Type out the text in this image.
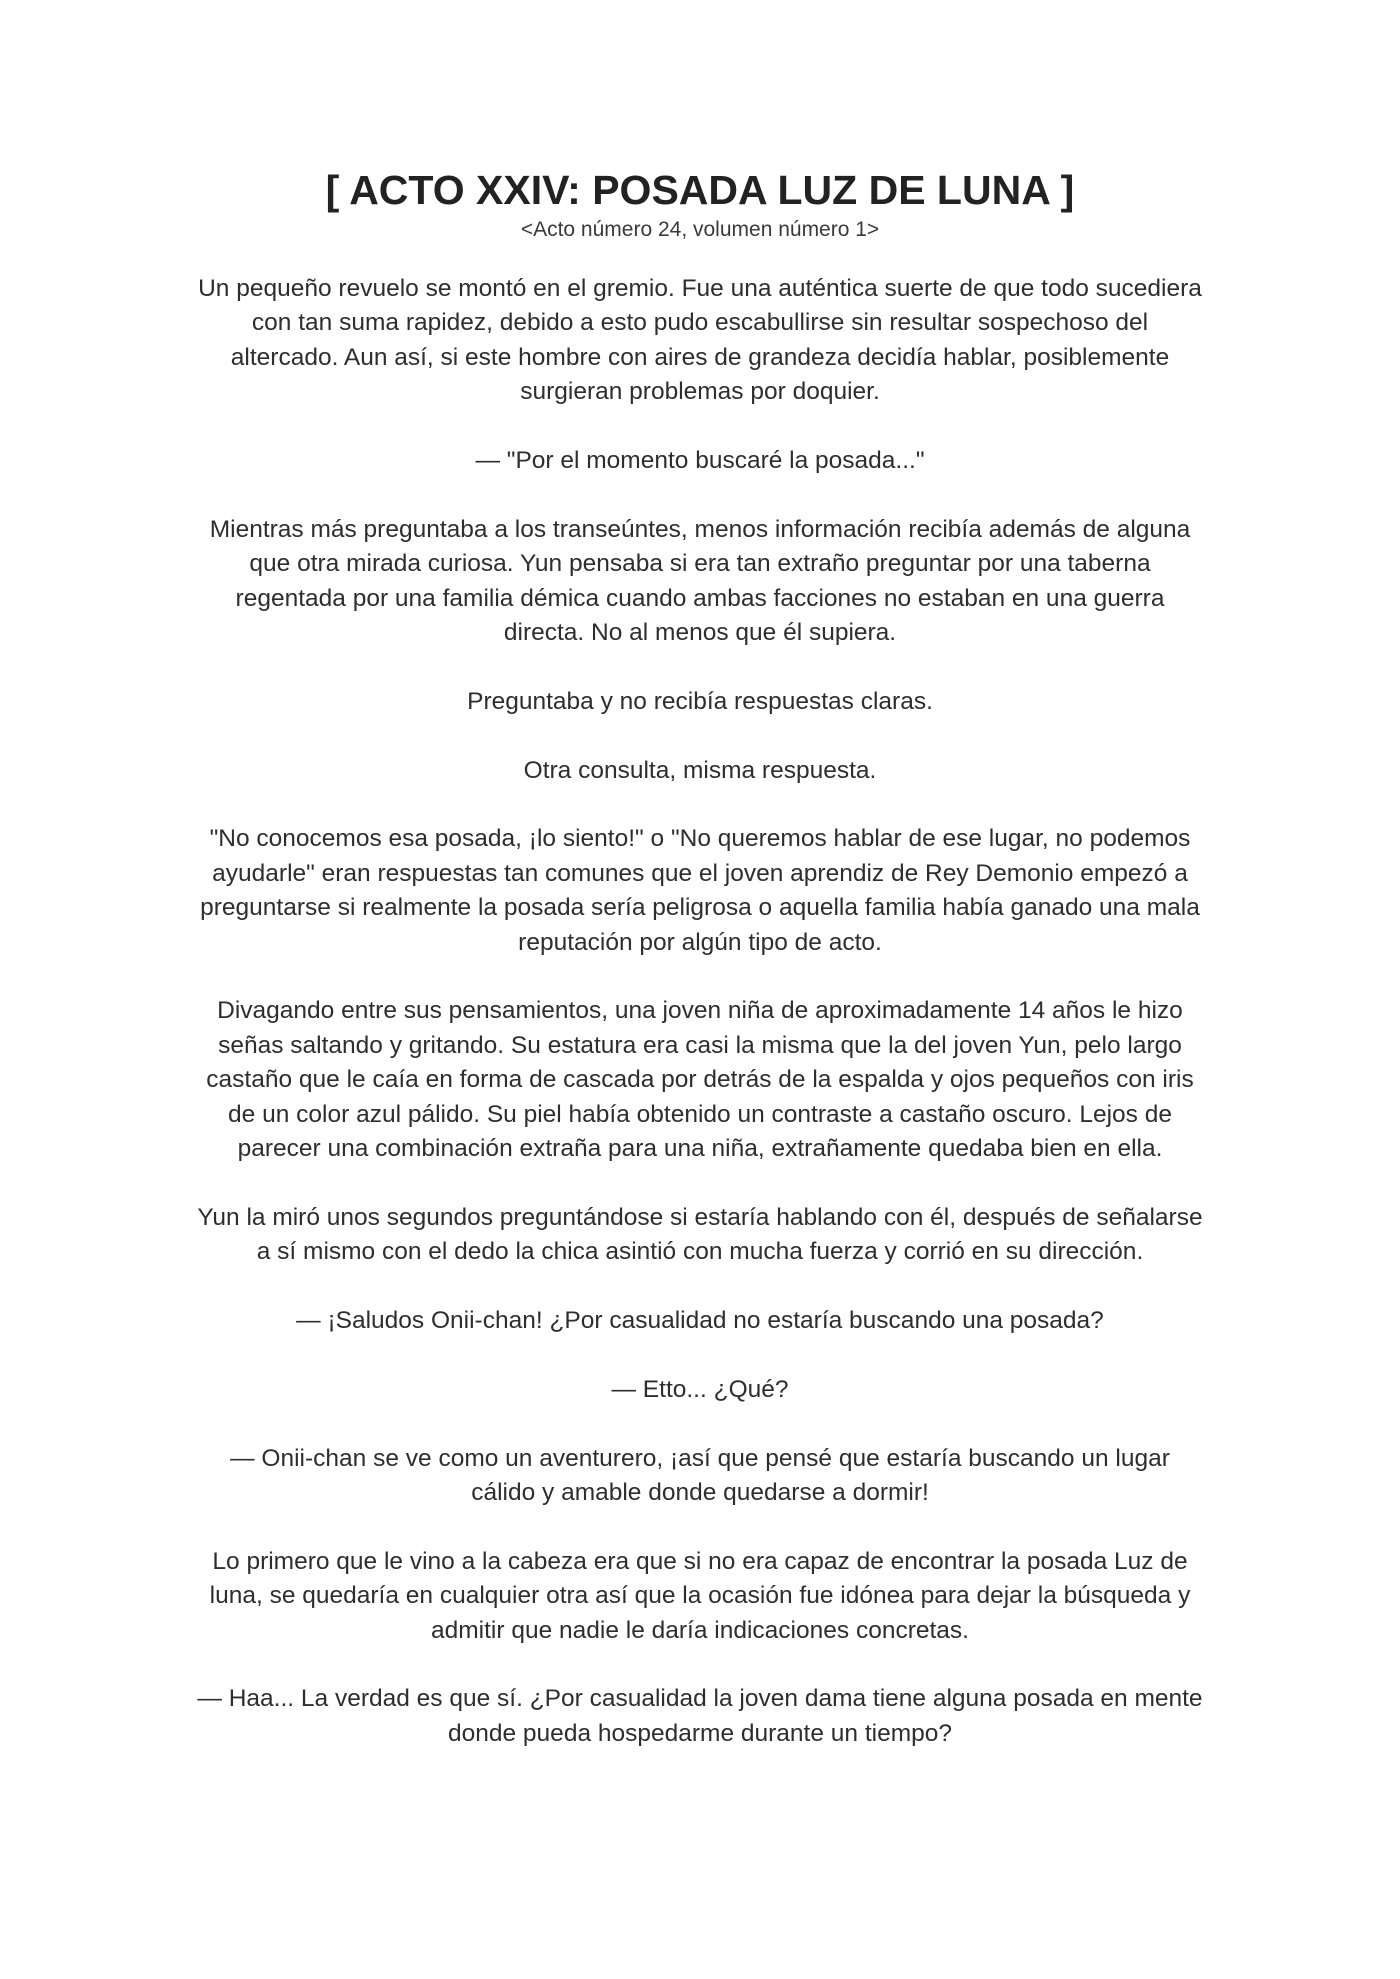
[ ACTO XXIV: POSADA LUZ DE LUNA ]
<Acto número 24, volumen número 1>

Un pequeño revuelo se montó en el gremio. Fue una auténtica suerte de que todo sucediera con tan suma rapidez, debido a esto pudo escabullirse sin resultar sospechoso del altercado. Aun así, si este hombre con aires de grandeza decidía hablar, posiblemente surgieran problemas por doquier.

— "Por el momento buscaré la posada..."

Mientras más preguntaba a los transeúntes, menos información recibía además de alguna que otra mirada curiosa. Yun pensaba si era tan extraño preguntar por una taberna regentada por una familia démica cuando ambas facciones no estaban en una guerra directa. No al menos que él supiera.

Preguntaba y no recibía respuestas claras.

Otra consulta, misma respuesta.

"No conocemos esa posada, ¡lo siento!" o "No queremos hablar de ese lugar, no podemos ayudarle" eran respuestas tan comunes que el joven aprendiz de Rey Demonio empezó a preguntarse si realmente la posada sería peligrosa o aquella familia había ganado una mala reputación por algún tipo de acto.

Divagando entre sus pensamientos, una joven niña de aproximadamente 14 años le hizo señas saltando y gritando. Su estatura era casi la misma que la del joven Yun, pelo largo castaño que le caía en forma de cascada por detrás de la espalda y ojos pequeños con iris de un color azul pálido. Su piel había obtenido un contraste a castaño oscuro. Lejos de parecer una combinación extraña para una niña, extrañamente quedaba bien en ella.

Yun la miró unos segundos preguntándose si estaría hablando con él, después de señalarse a sí mismo con el dedo la chica asintió con mucha fuerza y corrió en su dirección.

— ¡Saludos Onii-chan! ¿Por casualidad no estaría buscando una posada?

— Etto... ¿Qué?

— Onii-chan se ve como un aventurero, ¡así que pensé que estaría buscando un lugar cálido y amable donde quedarse a dormir!

Lo primero que le vino a la cabeza era que si no era capaz de encontrar la posada Luz de luna, se quedaría en cualquier otra así que la ocasión fue idónea para dejar la búsqueda y admitir que nadie le daría indicaciones concretas.

— Haa... La verdad es que sí. ¿Por casualidad la joven dama tiene alguna posada en mente donde pueda hospedarme durante un tiempo?
